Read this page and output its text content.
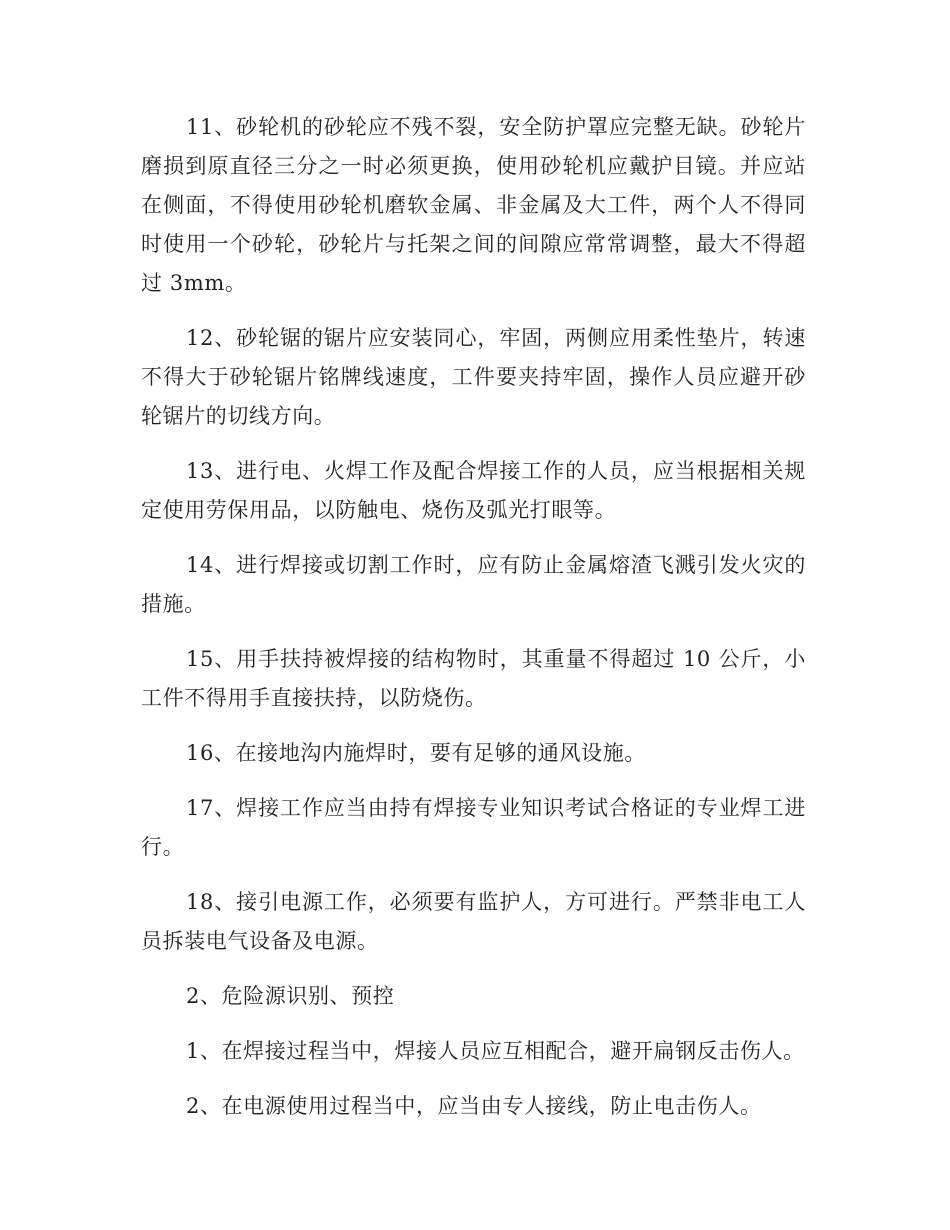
11、砂轮机的砂轮应不残不裂，安全防护罩应完整无缺。砂轮片磨损到原直径三分之一时必须更换，使用砂轮机应戴护目镜。并应站在侧面，不得使用砂轮机磨软金属、非金属及大工件，两个人不得同时使用一个砂轮，砂轮片与托架之间的间隙应常常调整，最大不得超过 3mm。

12、砂轮锯的锯片应安装同心，牢固，两侧应用柔性垫片，转速不得大于砂轮锯片铭牌线速度，工件要夹持牢固，操作人员应避开砂轮锯片的切线方向。

13、进行电、火焊工作及配合焊接工作的人员，应当根据相关规定使用劳保用品，以防触电、烧伤及弧光打眼等。

14、进行焊接或切割工作时，应有防止金属熔渣飞溅引发火灾的措施。

15、用手扶持被焊接的结构物时，其重量不得超过 10 公斤，小工件不得用手直接扶持，以防烧伤。

16、在接地沟内施焊时，要有足够的通风设施。

17、焊接工作应当由持有焊接专业知识考试合格证的专业焊工进行。

18、接引电源工作，必须要有监护人，方可进行。严禁非电工人员拆装电气设备及电源。

2、危险源识别、预控

1、在焊接过程当中，焊接人员应互相配合，避开扁钢反击伤人。

2、在电源使用过程当中，应当由专人接线，防止电击伤人。
